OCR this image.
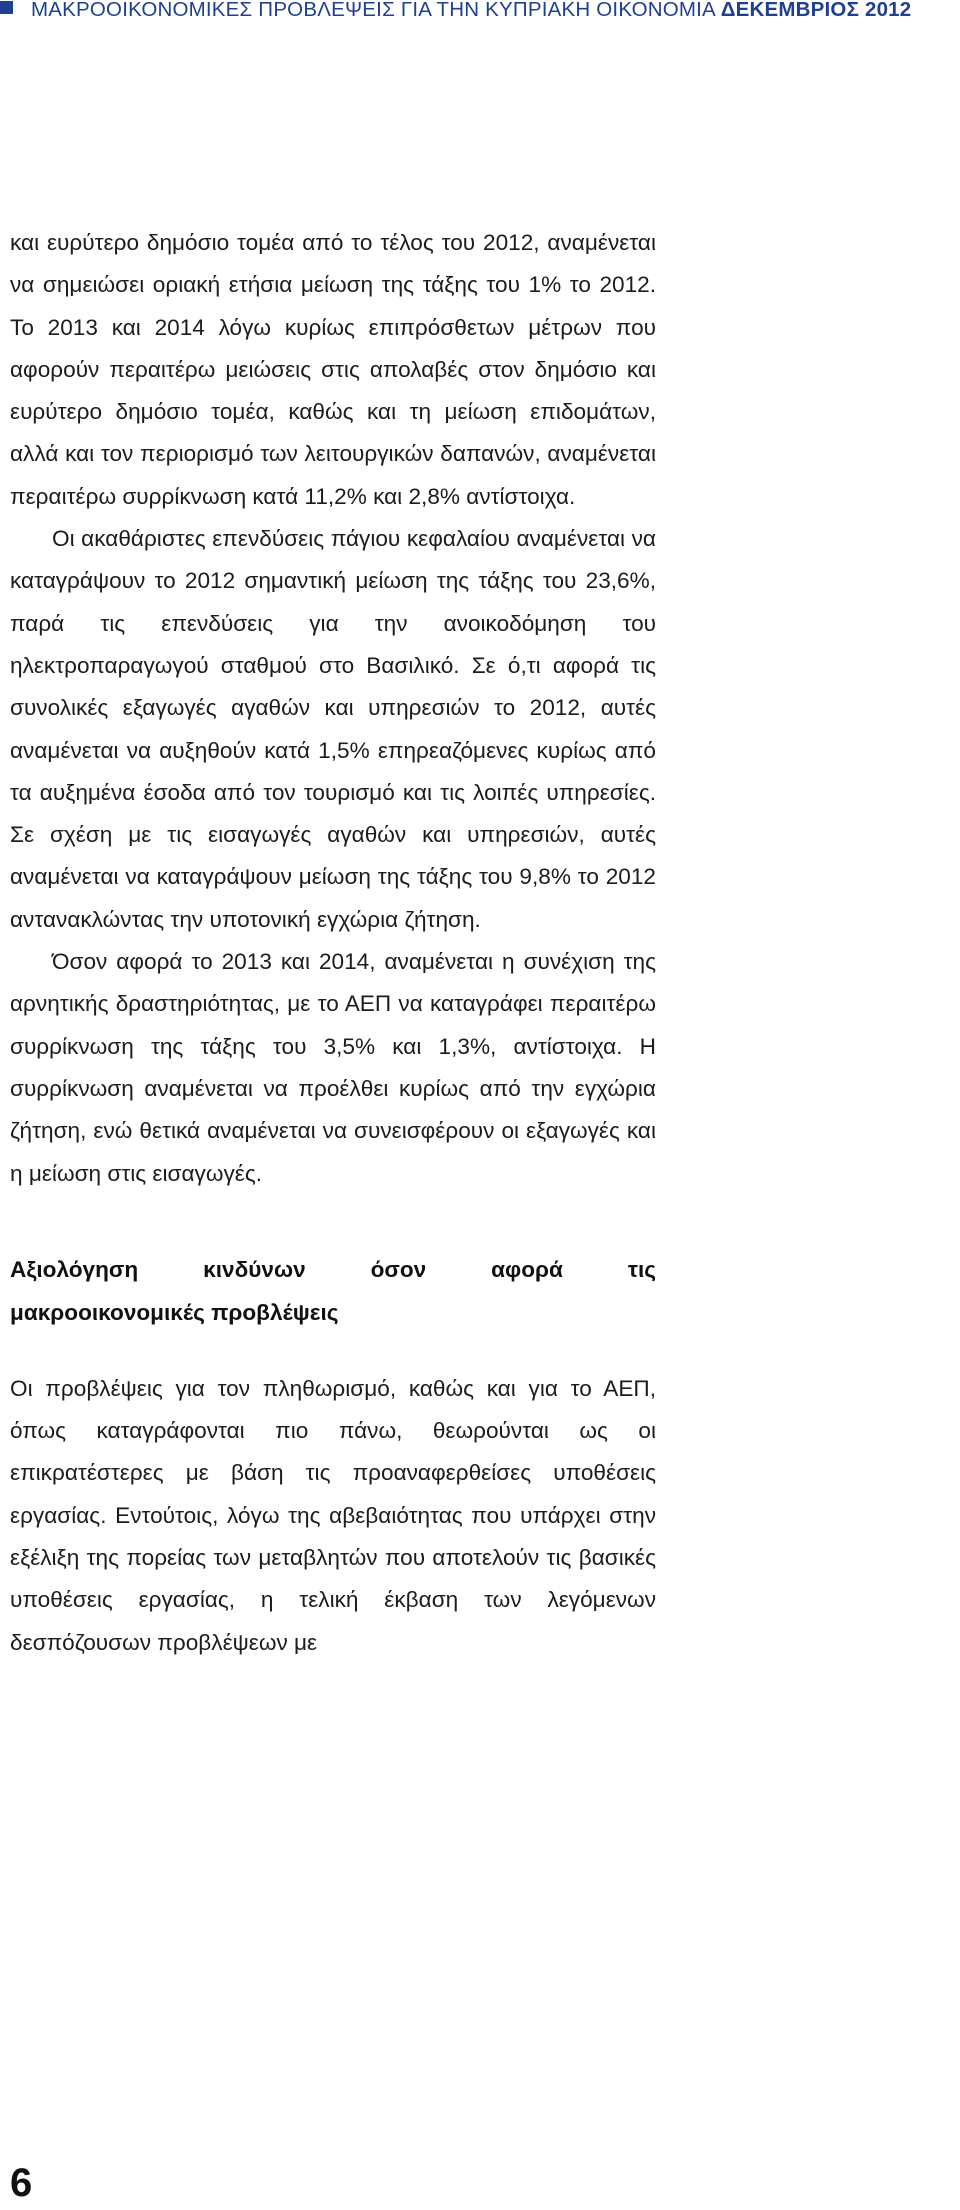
ΜΑΚΡΟΟΙΚΟΝΟΜΙΚΕΣ ΠΡΟΒΛΕΨΕΙΣ ΓΙΑ ΤΗΝ ΚΥΠΡΙΑΚΗ ΟΙΚΟΝΟΜΙΑ ΔΕΚΕΜΒΡΙΟΣ 2012

και ευρύτερο δημόσιο τομέα από το τέλος του 2012, αναμένεται να σημειώσει οριακή ετήσια μείωση της τάξης του 1% το 2012. Το 2013 και 2014 λόγω κυρίως επιπρόσθετων μέτρων που αφορούν περαιτέρω μειώσεις στις απολαβές στον δημόσιο και ευρύτερο δημόσιο τομέα, καθώς και τη μείωση επιδομάτων, αλλά και τον περιορισμό των λειτουργικών δαπανών, αναμένεται περαιτέρω συρρίκνωση κατά 11,2% και 2,8% αντίστοιχα.

Οι ακαθάριστες επενδύσεις πάγιου κεφαλαίου αναμένεται να καταγράψουν το 2012 σημαντική μείωση της τάξης του 23,6%, παρά τις επενδύσεις για την ανοικοδόμηση του ηλεκτροπαραγωγού σταθμού στο Βασιλικό. Σε ό,τι αφορά τις συνολικές εξαγωγές αγαθών και υπηρεσιών το 2012, αυτές αναμένεται να αυξηθούν κατά 1,5% επηρεαζόμενες κυρίως από τα αυξημένα έσοδα από τον τουρισμό και τις λοιπές υπηρεσίες. Σε σχέση με τις εισαγωγές αγαθών και υπηρεσιών, αυτές αναμένεται να καταγράψουν μείωση της τάξης του 9,8% το 2012 αντανακλώντας την υποτονική εγχώρια ζήτηση.

Όσον αφορά το 2013 και 2014, αναμένεται η συνέχιση της αρνητικής δραστηριότητας, με το ΑΕΠ να καταγράφει περαιτέρω συρρίκνωση της τάξης του 3,5% και 1,3%, αντίστοιχα. Η συρρίκνωση αναμένεται να προέλθει κυρίως από την εγχώρια ζήτηση, ενώ θετικά αναμένεται να συνεισφέρουν οι εξαγωγές και η μείωση στις εισαγωγές.

Αξιολόγηση	κινδύνων	όσον	αφορά	τις
μακροοικονομικές προβλέψεις

Οι προβλέψεις για τον πληθωρισμό, καθώς και για το ΑΕΠ, όπως καταγράφονται πιο πάνω, θεωρούνται ως οι επικρατέστερες με βάση τις προαναφερθείσες υποθέσεις εργασίας. Εντούτοις, λόγω της αβεβαιότητας που υπάρχει στην εξέλιξη της πορείας των μεταβλητών που αποτελούν τις βασικές υποθέσεις εργασίας, η τελική έκβαση των λεγόμενων δεσπόζουσων προβλέψεων με

6
